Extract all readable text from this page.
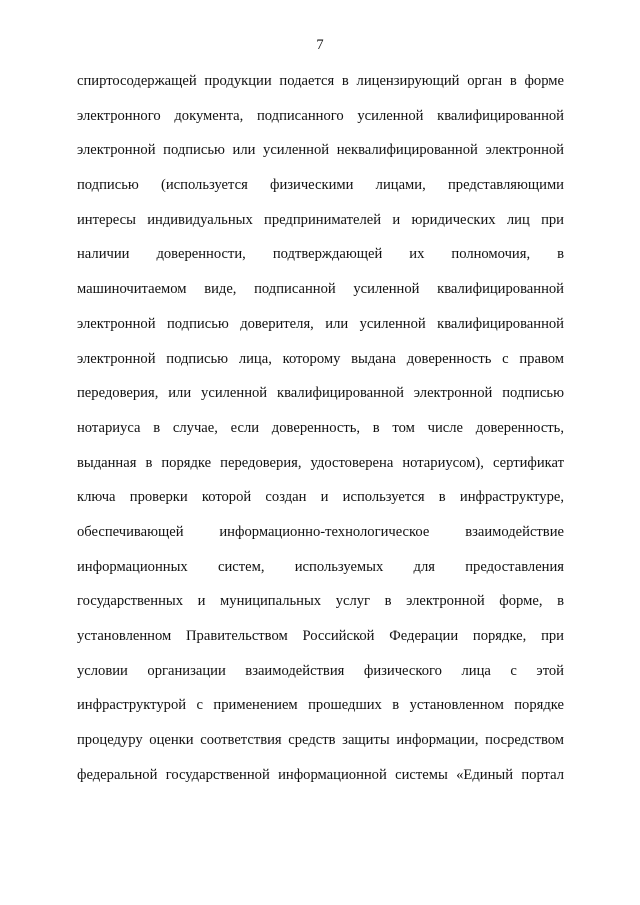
7
спиртосодержащей продукции подается в лицензирующий орган в форме
электронного документа, подписанного усиленной квалифицированной
электронной подписью или усиленной неквалифицированной электронной
подписью (используется физическими лицами, представляющими
интересы индивидуальных предпринимателей и юридических лиц при
наличии доверенности, подтверждающей их полномочия, в
машиночитаемом виде, подписанной усиленной квалифицированной
электронной подписью доверителя, или усиленной квалифицированной
электронной подписью лица, которому выдана доверенность с правом
передоверия, или усиленной квалифицированной электронной подписью
нотариуса в случае, если доверенность, в том числе доверенность,
выданная в порядке передоверия, удостоверена нотариусом), сертификат
ключа проверки которой создан и используется в инфраструктуре,
обеспечивающей информационно-технологическое взаимодействие
информационных систем, используемых для предоставления
государственных и муниципальных услуг в электронной форме, в
установленном Правительством Российской Федерации порядке, при
условии организации взаимодействия физического лица с этой
инфраструктурой с применением прошедших в установленном порядке
процедуру оценки соответствия средств защиты информации, посредством
федеральной государственной информационной системы «Единый портал
